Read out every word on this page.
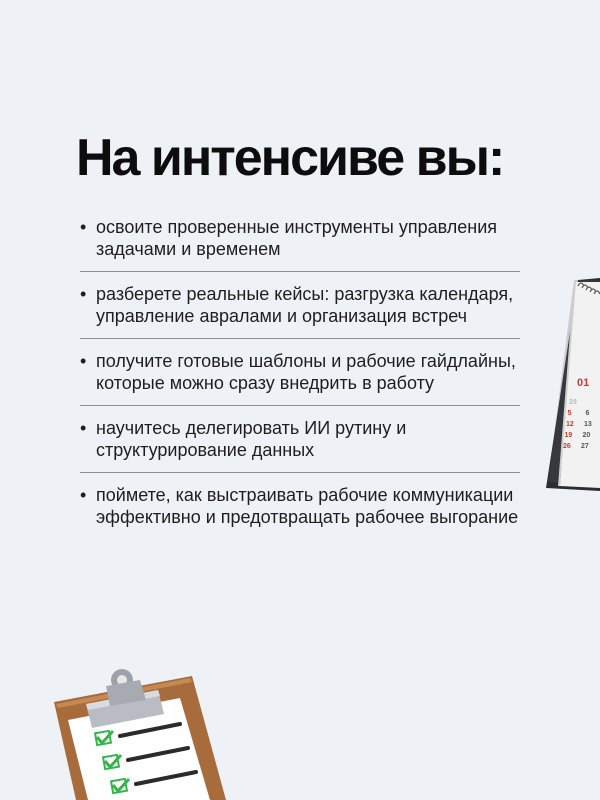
На интенсиве вы:
• освоите проверенные инструменты управления задачами и временем
• разберете реальные кейсы: разгрузка календаря, управление авралами и организация встреч
• получите готовые шаблоны и рабочие гайдлайны, которые можно сразу внедрить в работу
• научитесь делегировать ИИ рутину и структурирование данных
• поймете, как выстраивать рабочие коммуникации эффективно и предотвращать рабочее выгорание
01
29
5
12
19
26
6
13
20
27
